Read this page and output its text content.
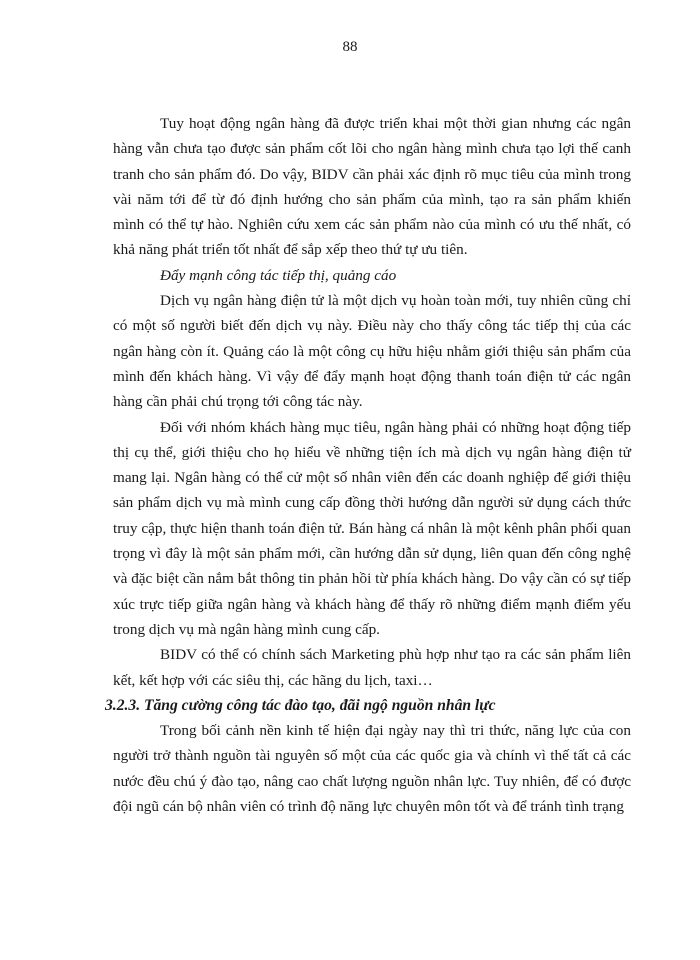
88

Tuy hoạt động ngân hàng đã được triển khai một thời gian nhưng các ngân hàng vẫn chưa tạo được sản phẩm cốt lõi cho ngân hàng mình chưa tạo lợi thế canh tranh cho sản phẩm đó. Do vậy, BIDV cần phải xác định rõ mục tiêu của mình trong vài năm tới để từ đó định hướng cho sản phẩm của mình, tạo ra sản phẩm khiến mình có thể tự hào. Nghiên cứu xem các sản phẩm nào của mình có ưu thế nhất, có khả năng phát triển tốt nhất để sắp xếp theo thứ tự ưu tiên.

Đẩy mạnh công tác tiếp thị, quảng cáo

Dịch vụ ngân hàng điện tử là một dịch vụ hoàn toàn mới, tuy nhiên cũng chỉ có một số người biết đến dịch vụ này. Điều này cho thấy công tác tiếp thị của các ngân hàng còn ít. Quảng cáo là một công cụ hữu hiệu nhằm giới thiệu sản phẩm của mình đến khách hàng. Vì vậy để đẩy mạnh hoạt động thanh toán điện tử các ngân hàng cần phải chú trọng tới công tác này.

Đối với nhóm khách hàng mục tiêu, ngân hàng phải có những hoạt động tiếp thị cụ thể, giới thiệu cho họ hiểu về những tiện ích mà dịch vụ ngân hàng điện tử mang lại. Ngân hàng có thể cử một số nhân viên đến các doanh nghiệp để giới thiệu sản phẩm dịch vụ mà mình cung cấp đồng thời hướng dẫn người sử dụng cách thức truy cập, thực hiện thanh toán điện tử. Bán hàng cá nhân là một kênh phân phối quan trọng vì đây là một sản phẩm mới, cần hướng dẫn sử dụng, liên quan đến công nghệ và đặc biệt cần nắm bắt thông tin phản hồi từ phía khách hàng. Do vậy cần có sự tiếp xúc trực tiếp giữa ngân hàng và khách hàng để thấy rõ những điểm mạnh điểm yếu trong dịch vụ mà ngân hàng mình cung cấp.

BIDV có thể có chính sách Marketing phù hợp như tạo ra các sản phẩm liên kết, kết hợp với các siêu thị, các hãng du lịch, taxi…

3.2.3. Tăng cường công tác đào tạo, đãi ngộ nguồn nhân lực

Trong bối cảnh nền kinh tế hiện đại ngày nay thì tri thức, năng lực của con người trở thành nguồn tài nguyên số một của các quốc gia và chính vì thế tất cả các nước đều chú ý đào tạo, nâng cao chất lượng nguồn nhân lực. Tuy nhiên, để có được đội ngũ cán bộ nhân viên có trình độ năng lực chuyên môn tốt và để tránh tình trạng
